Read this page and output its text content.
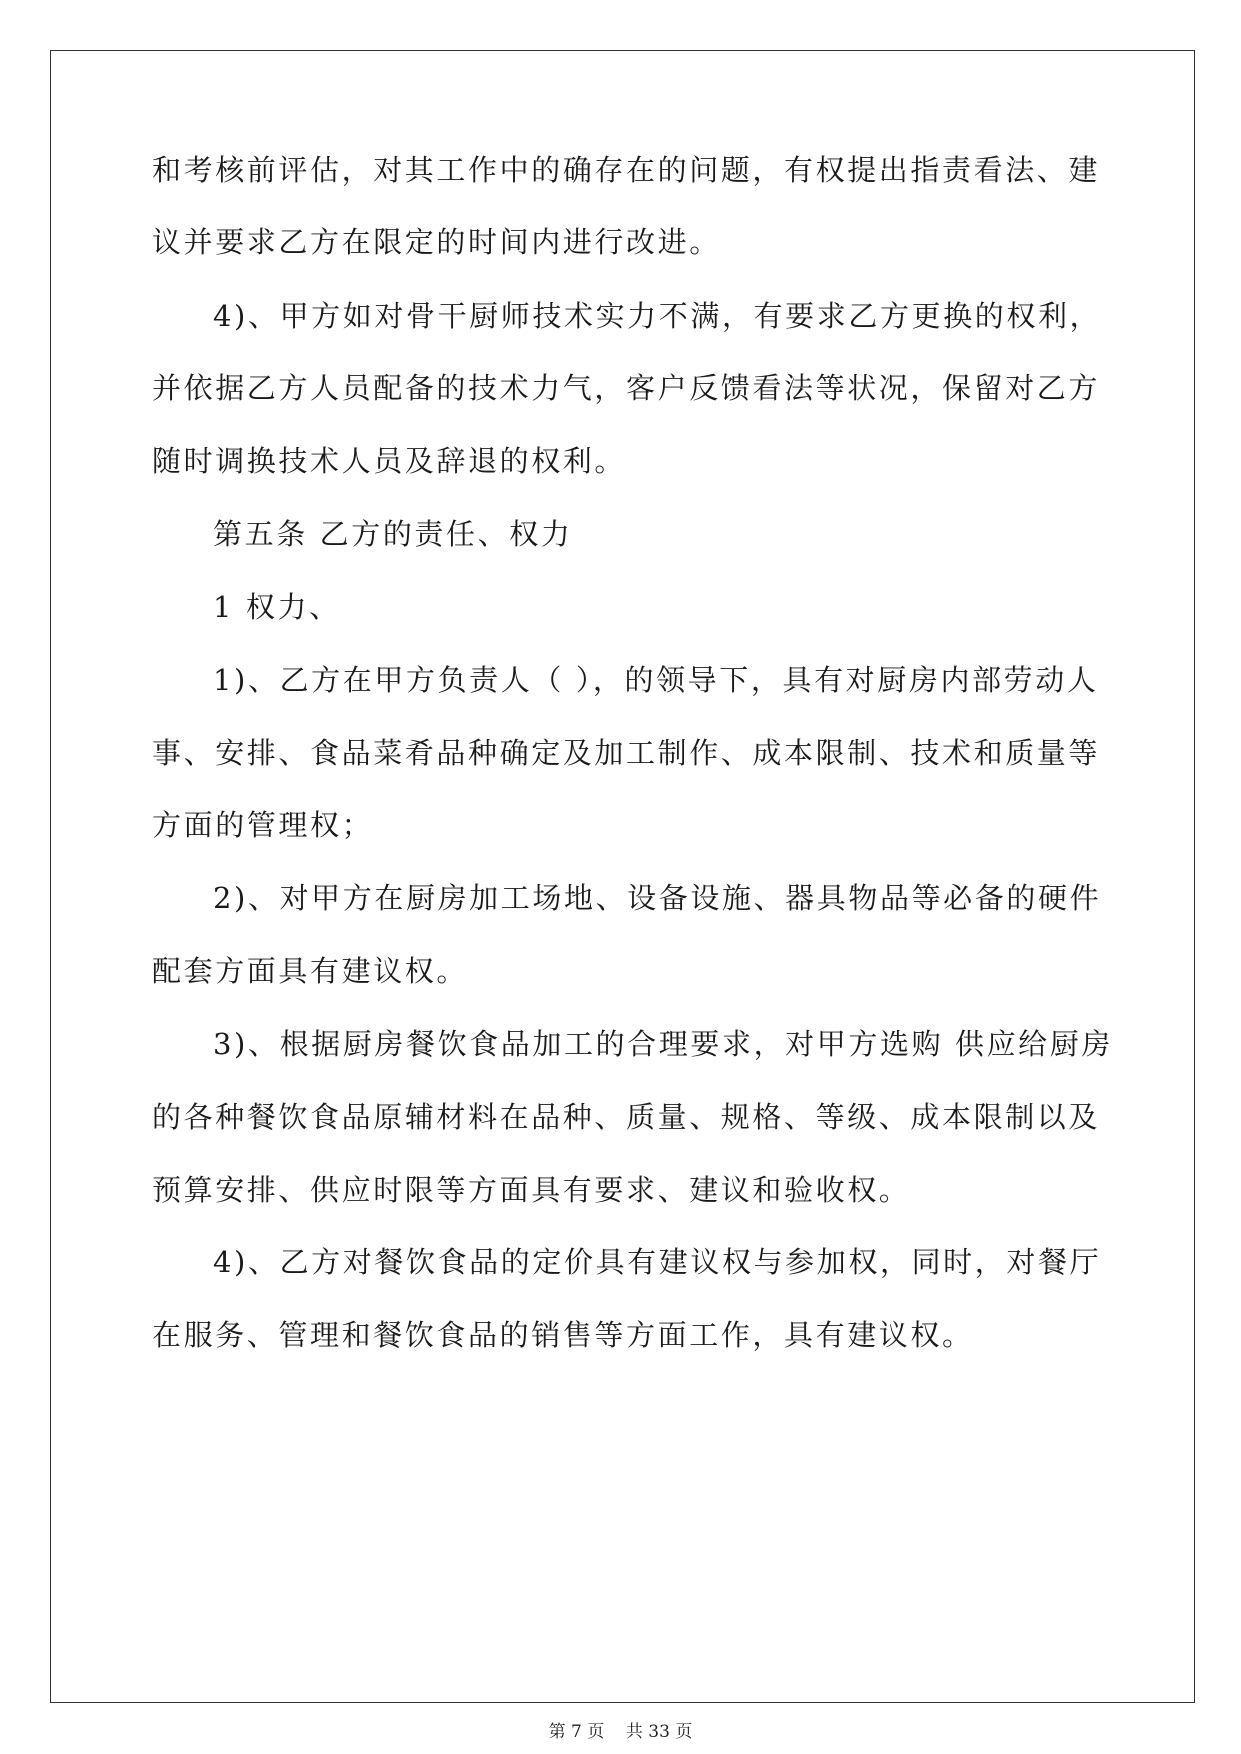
和考核前评估，对其工作中的确存在的问题，有权提出指责看法、建
议并要求乙方在限定的时间内进行改进。
4)、甲方如对骨干厨师技术实力不满，有要求乙方更换的权利，
并依据乙方人员配备的技术力气，客户反馈看法等状况，保留对乙方
随时调换技术人员及辞退的权利。
第五条 乙方的责任、权力
1 权力、
1)、乙方在甲方负责人（ ），的领导下，具有对厨房内部劳动人
事、安排、食品菜肴品种确定及加工制作、成本限制、技术和质量等
方面的管理权；
2)、对甲方在厨房加工场地、设备设施、器具物品等必备的硬件
配套方面具有建议权。
3)、根据厨房餐饮食品加工的合理要求，对甲方选购 供应给厨房
的各种餐饮食品原辅材料在品种、质量、规格、等级、成本限制以及
预算安排、供应时限等方面具有要求、建议和验收权。
4)、乙方对餐饮食品的定价具有建议权与参加权，同时，对餐厅
在服务、管理和餐饮食品的销售等方面工作，具有建议权。
第 7 页    共 33 页
